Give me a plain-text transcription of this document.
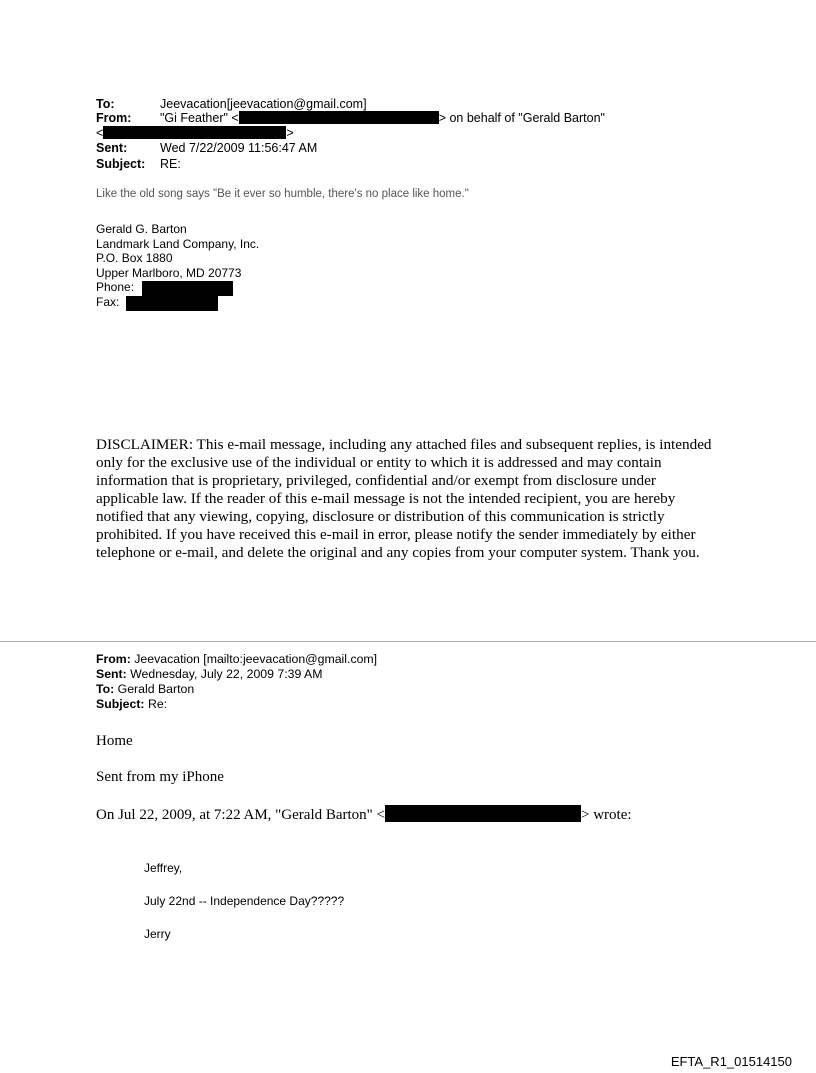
To:	Jeevacation[jeevacation@gmail.com]
From: "Gi Feather" <	> on behalf of "Gerald Barton"
<	>
Sent:	Wed 7/22/2009 11:56:47 AM
Subject: RE:
Like the old song says "Be it ever so humble, there's no place like home."
Gerald G. Barton
Landmark Land Company, Inc.
P.O. Box 1880
Upper Marlboro, MD 20773
Phone:
Fax:
DISCLAIMER: This e-mail message, including any attached files and subsequent replies, is intended only for the exclusive use of the individual or entity to which it is addressed and may contain information that is proprietary, privileged, confidential and/or exempt from disclosure under applicable law. If the reader of this e-mail message is not the intended recipient, you are hereby notified that any viewing, copying, disclosure or distribution of this communication is strictly prohibited. If you have received this e-mail in error, please notify the sender immediately by either telephone or e-mail, and delete the original and any copies from your computer system. Thank you.
From: Jeevacation [mailto:jeevacation@gmail.com]
Sent: Wednesday, July 22, 2009 7:39 AM
To: Gerald Barton
Subject: Re:
Home
Sent from my iPhone
On Jul 22, 2009, at 7:22 AM, "Gerald Barton" <	> wrote:
Jeffrey,
July 22nd -- Independence Day?????
Jerry
EFTA_R1_01514150
